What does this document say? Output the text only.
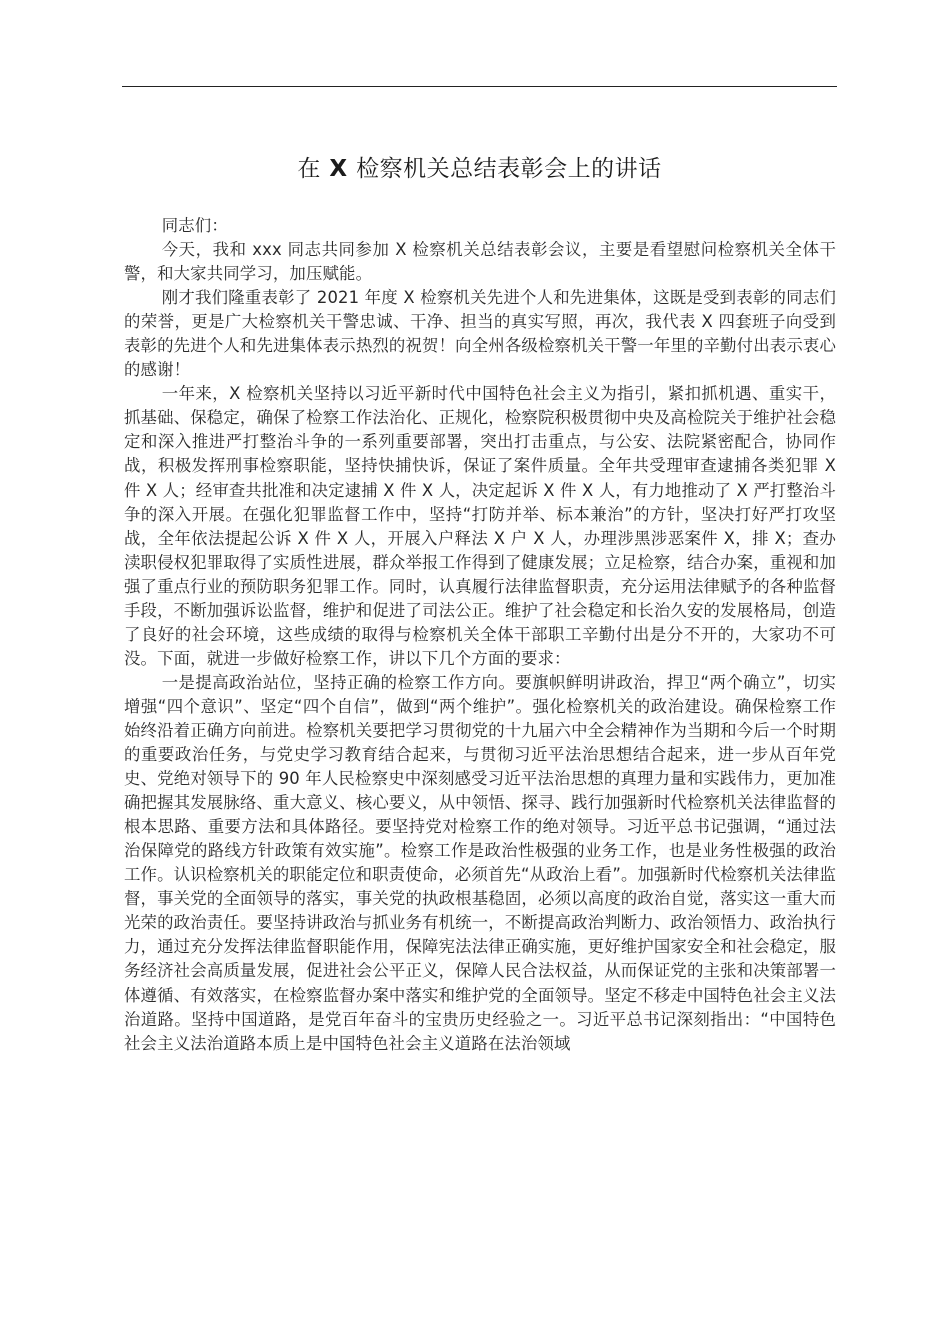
在 X 检察机关总结表彰会上的讲话

同志们：

今天，我和 xxx 同志共同参加 X 检察机关总结表彰会议，主要是看望慰问检察机关全体干警，和大家共同学习，加压赋能。

刚才我们隆重表彰了 2021 年度 X 检察机关先进个人和先进集体，这既是受到表彰的同志们的荣誉，更是广大检察机关干警忠诚、干净、担当的真实写照，再次，我代表 X 四套班子向受到表彰的先进个人和先进集体表示热烈的祝贺！向全州各级检察机关干警一年里的辛勤付出表示衷心的感谢！

一年来，X 检察机关坚持以习近平新时代中国特色社会主义为指引，紧扣抓机遇、重实干，抓基础、保稳定，确保了检察工作法治化、正规化，检察院积极贯彻中央及高检院关于维护社会稳定和深入推进严打整治斗争的一系列重要部署，突出打击重点，与公安、法院紧密配合，协同作战，积极发挥刑事检察职能，坚持快捕快诉，保证了案件质量。全年共受理审查逮捕各类犯罪 X 件 X 人；经审查共批准和决定逮捕 X 件 X 人，决定起诉 X 件 X 人，有力地推动了 X 严打整治斗争的深入开展。在强化犯罪监督工作中，坚持“打防并举、标本兼治”的方针，坚决打好严打攻坚战，全年依法提起公诉 X 件 X 人，开展入户释法 X 户 X 人，办理涉黑涉恶案件 X，排 X；查办渎职侵权犯罪取得了实质性进展，群众举报工作得到了健康发展；立足检察，结合办案，重视和加强了重点行业的预防职务犯罪工作。同时，认真履行法律监督职责，充分运用法律赋予的各种监督手段，不断加强诉讼监督，维护和促进了司法公正。维护了社会稳定和长治久安的发展格局，创造了良好的社会环境，这些成绩的取得与检察机关全体干部职工辛勤付出是分不开的，大家功不可没。下面，就进一步做好检察工作，讲以下几个方面的要求：

一是提高政治站位，坚持正确的检察工作方向。要旗帜鲜明讲政治，捍卫“两个确立”，切实增强“四个意识”、坚定“四个自信”，做到“两个维护”。强化检察机关的政治建设。确保检察工作始终沿着正确方向前进。检察机关要把学习贯彻党的十九届六中全会精神作为当期和今后一个时期的重要政治任务，与党史学习教育结合起来，与贯彻习近平法治思想结合起来，进一步从百年党史、党绝对领导下的 90 年人民检察史中深刻感受习近平法治思想的真理力量和实践伟力，更加准确把握其发展脉络、重大意义、核心要义，从中领悟、探寻、践行加强新时代检察机关法律监督的根本思路、重要方法和具体路径。要坚持党对检察工作的绝对领导。习近平总书记强调，“通过法治保障党的路线方针政策有效实施”。检察工作是政治性极强的业务工作，也是业务性极强的政治工作。认识检察机关的职能定位和职责使命，必须首先“从政治上看”。加强新时代检察机关法律监督，事关党的全面领导的落实，事关党的执政根基稳固，必须以高度的政治自觉，落实这一重大而光荣的政治责任。要坚持讲政治与抓业务有机统一，不断提高政治判断力、政治领悟力、政治执行力，通过充分发挥法律监督职能作用，保障宪法法律正确实施，更好维护国家安全和社会稳定，服务经济社会高质量发展，促进社会公平正义，保障人民合法权益，从而保证党的主张和决策部署一体遵循、有效落实，在检察监督办案中落实和维护党的全面领导。坚定不移走中国特色社会主义法治道路。坚持中国道路，是党百年奋斗的宝贵历史经验之一。习近平总书记深刻指出：“中国特色社会主义法治道路本质上是中国特色社会主义道路在法治领域
